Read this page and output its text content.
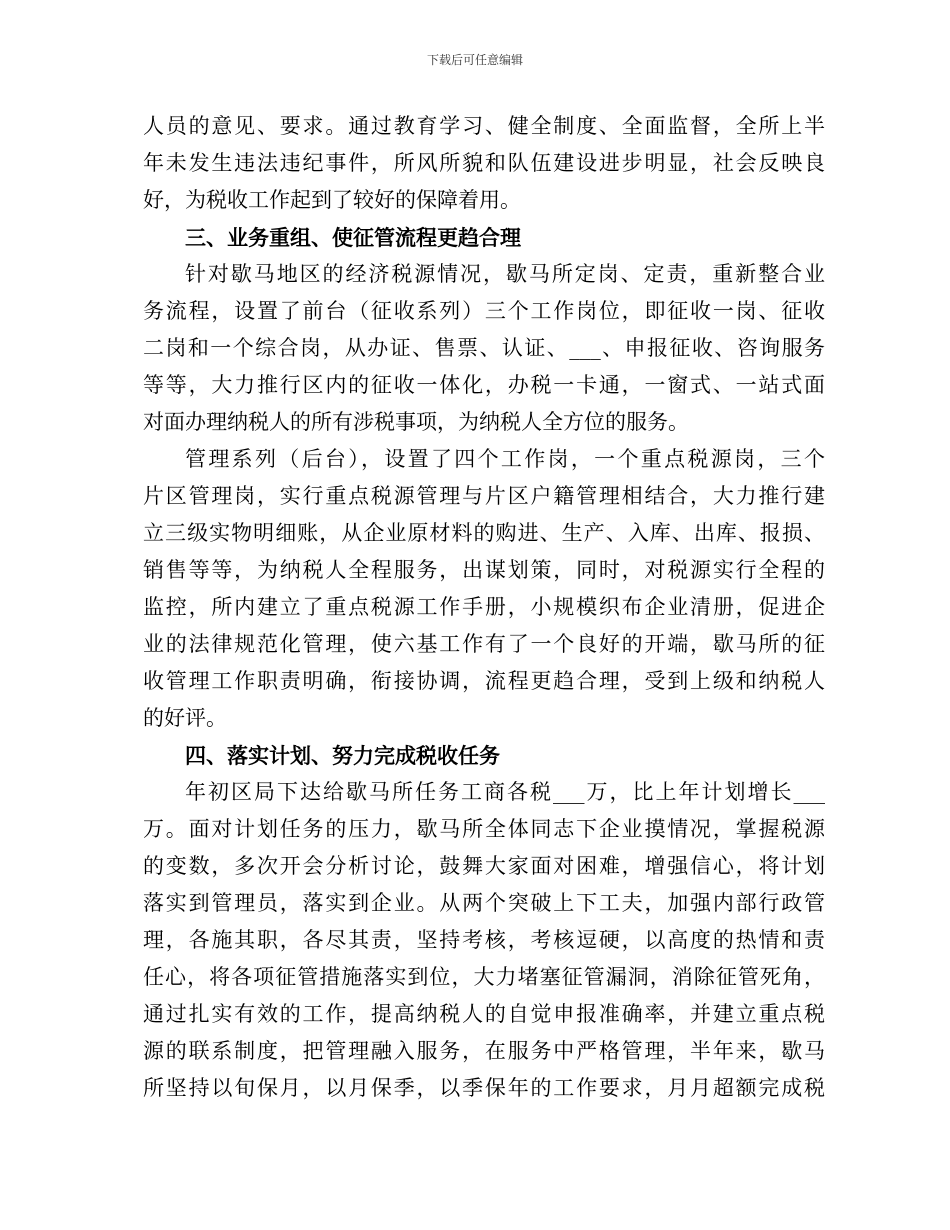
下载后可任意编辑
人员的意见、要求。通过教育学习、健全制度、全面监督，全所上半
年未发生违法违纪事件，所风所貌和队伍建设进步明显，社会反映良
好，为税收工作起到了较好的保障着用。
三、业务重组、使征管流程更趋合理
针对歇马地区的经济税源情况，歇马所定岗、定责，重新整合业
务流程，设置了前台（征收系列）三个工作岗位，即征收一岗、征收
二岗和一个综合岗，从办证、售票、认证、___、申报征收、咨询服务
等等，大力推行区内的征收一体化，办税一卡通，一窗式、一站式面
对面办理纳税人的所有涉税事项，为纳税人全方位的服务。
管理系列（后台），设置了四个工作岗，一个重点税源岗，三个
片区管理岗，实行重点税源管理与片区户籍管理相结合，大力推行建
立三级实物明细账，从企业原材料的购进、生产、入库、出库、报损、
销售等等，为纳税人全程服务，出谋划策，同时，对税源实行全程的
监控，所内建立了重点税源工作手册，小规模织布企业清册，促进企
业的法律规范化管理，使六基工作有了一个良好的开端，歇马所的征
收管理工作职责明确，衔接协调，流程更趋合理，受到上级和纳税人
的好评。
四、落实计划、努力完成税收任务
年初区局下达给歇马所任务工商各税___万，比上年计划增长___
万。面对计划任务的压力，歇马所全体同志下企业摸情况，掌握税源
的变数，多次开会分析讨论，鼓舞大家面对困难，增强信心，将计划
落实到管理员，落实到企业。从两个突破上下工夫，加强内部行政管
理，各施其职，各尽其责，坚持考核，考核逗硬，以高度的热情和责
任心，将各项征管措施落实到位，大力堵塞征管漏洞，消除征管死角，
通过扎实有效的工作，提高纳税人的自觉申报准确率，并建立重点税
源的联系制度，把管理融入服务，在服务中严格管理，半年来，歇马
所坚持以旬保月，以月保季，以季保年的工作要求，月月超额完成税
